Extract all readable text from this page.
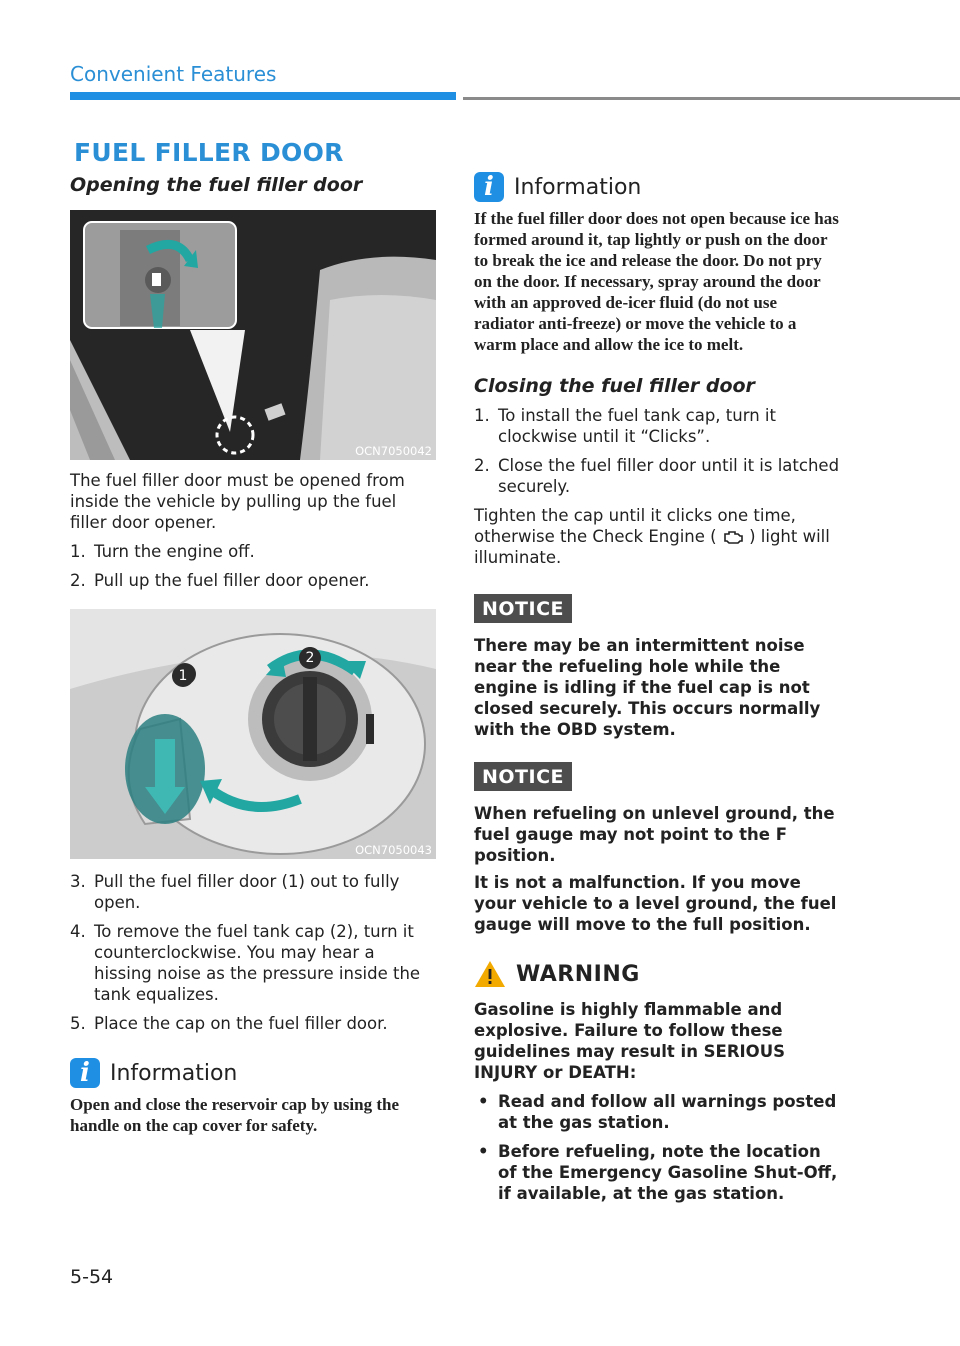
Convenient Features
FUEL FILLER DOOR
Opening the fuel filler door
OCN7050042

The fuel filler door must be opened from inside the vehicle by pulling up the fuel filler door opener.

1. Turn the engine off.
2. Pull up the fuel filler door opener.
1
2
OCN7050043
3. Pull the fuel filler door (1) out to fully open.
4. To remove the fuel tank cap (2), turn it counterclockwise. You may hear a hissing noise as the pressure inside the tank equalizes.
5. Place the cap on the fuel filler door.
i Information

Open and close the reservoir cap by using the handle on the cap cover for safety.

i Information

If the fuel filler door does not open because ice has formed around it, tap lightly or push on the door to break the ice and release the door. Do not pry on the door. If necessary, spray around the door with an approved de-icer fluid (do not use radiator anti-freeze) or move the vehicle to a warm place and allow the ice to melt.

Closing the fuel filler door
1. To install the fuel tank cap, turn it clockwise until it “Clicks”.
2. Close the fuel filler door until it is latched securely.

Tighten the cap until it clicks one time, otherwise the Check Engine ( ) light will illuminate.

NOTICE

There may be an intermittent noise near the refueling hole while the engine is idling if the fuel cap is not closed securely. This occurs normally with the OBD system.

NOTICE

When refueling on unlevel ground, the fuel gauge may not point to the F position.

It is not a malfunction. If you move your vehicle to a level ground, the fuel gauge will move to the full position.

WARNING

Gasoline is highly flammable and explosive. Failure to follow these guidelines may result in SERIOUS INJURY or DEATH:

• Read and follow all warnings posted at the gas station.
• Before refueling, note the location of the Emergency Gasoline Shut-Off, if available, at the gas station.
5-54
